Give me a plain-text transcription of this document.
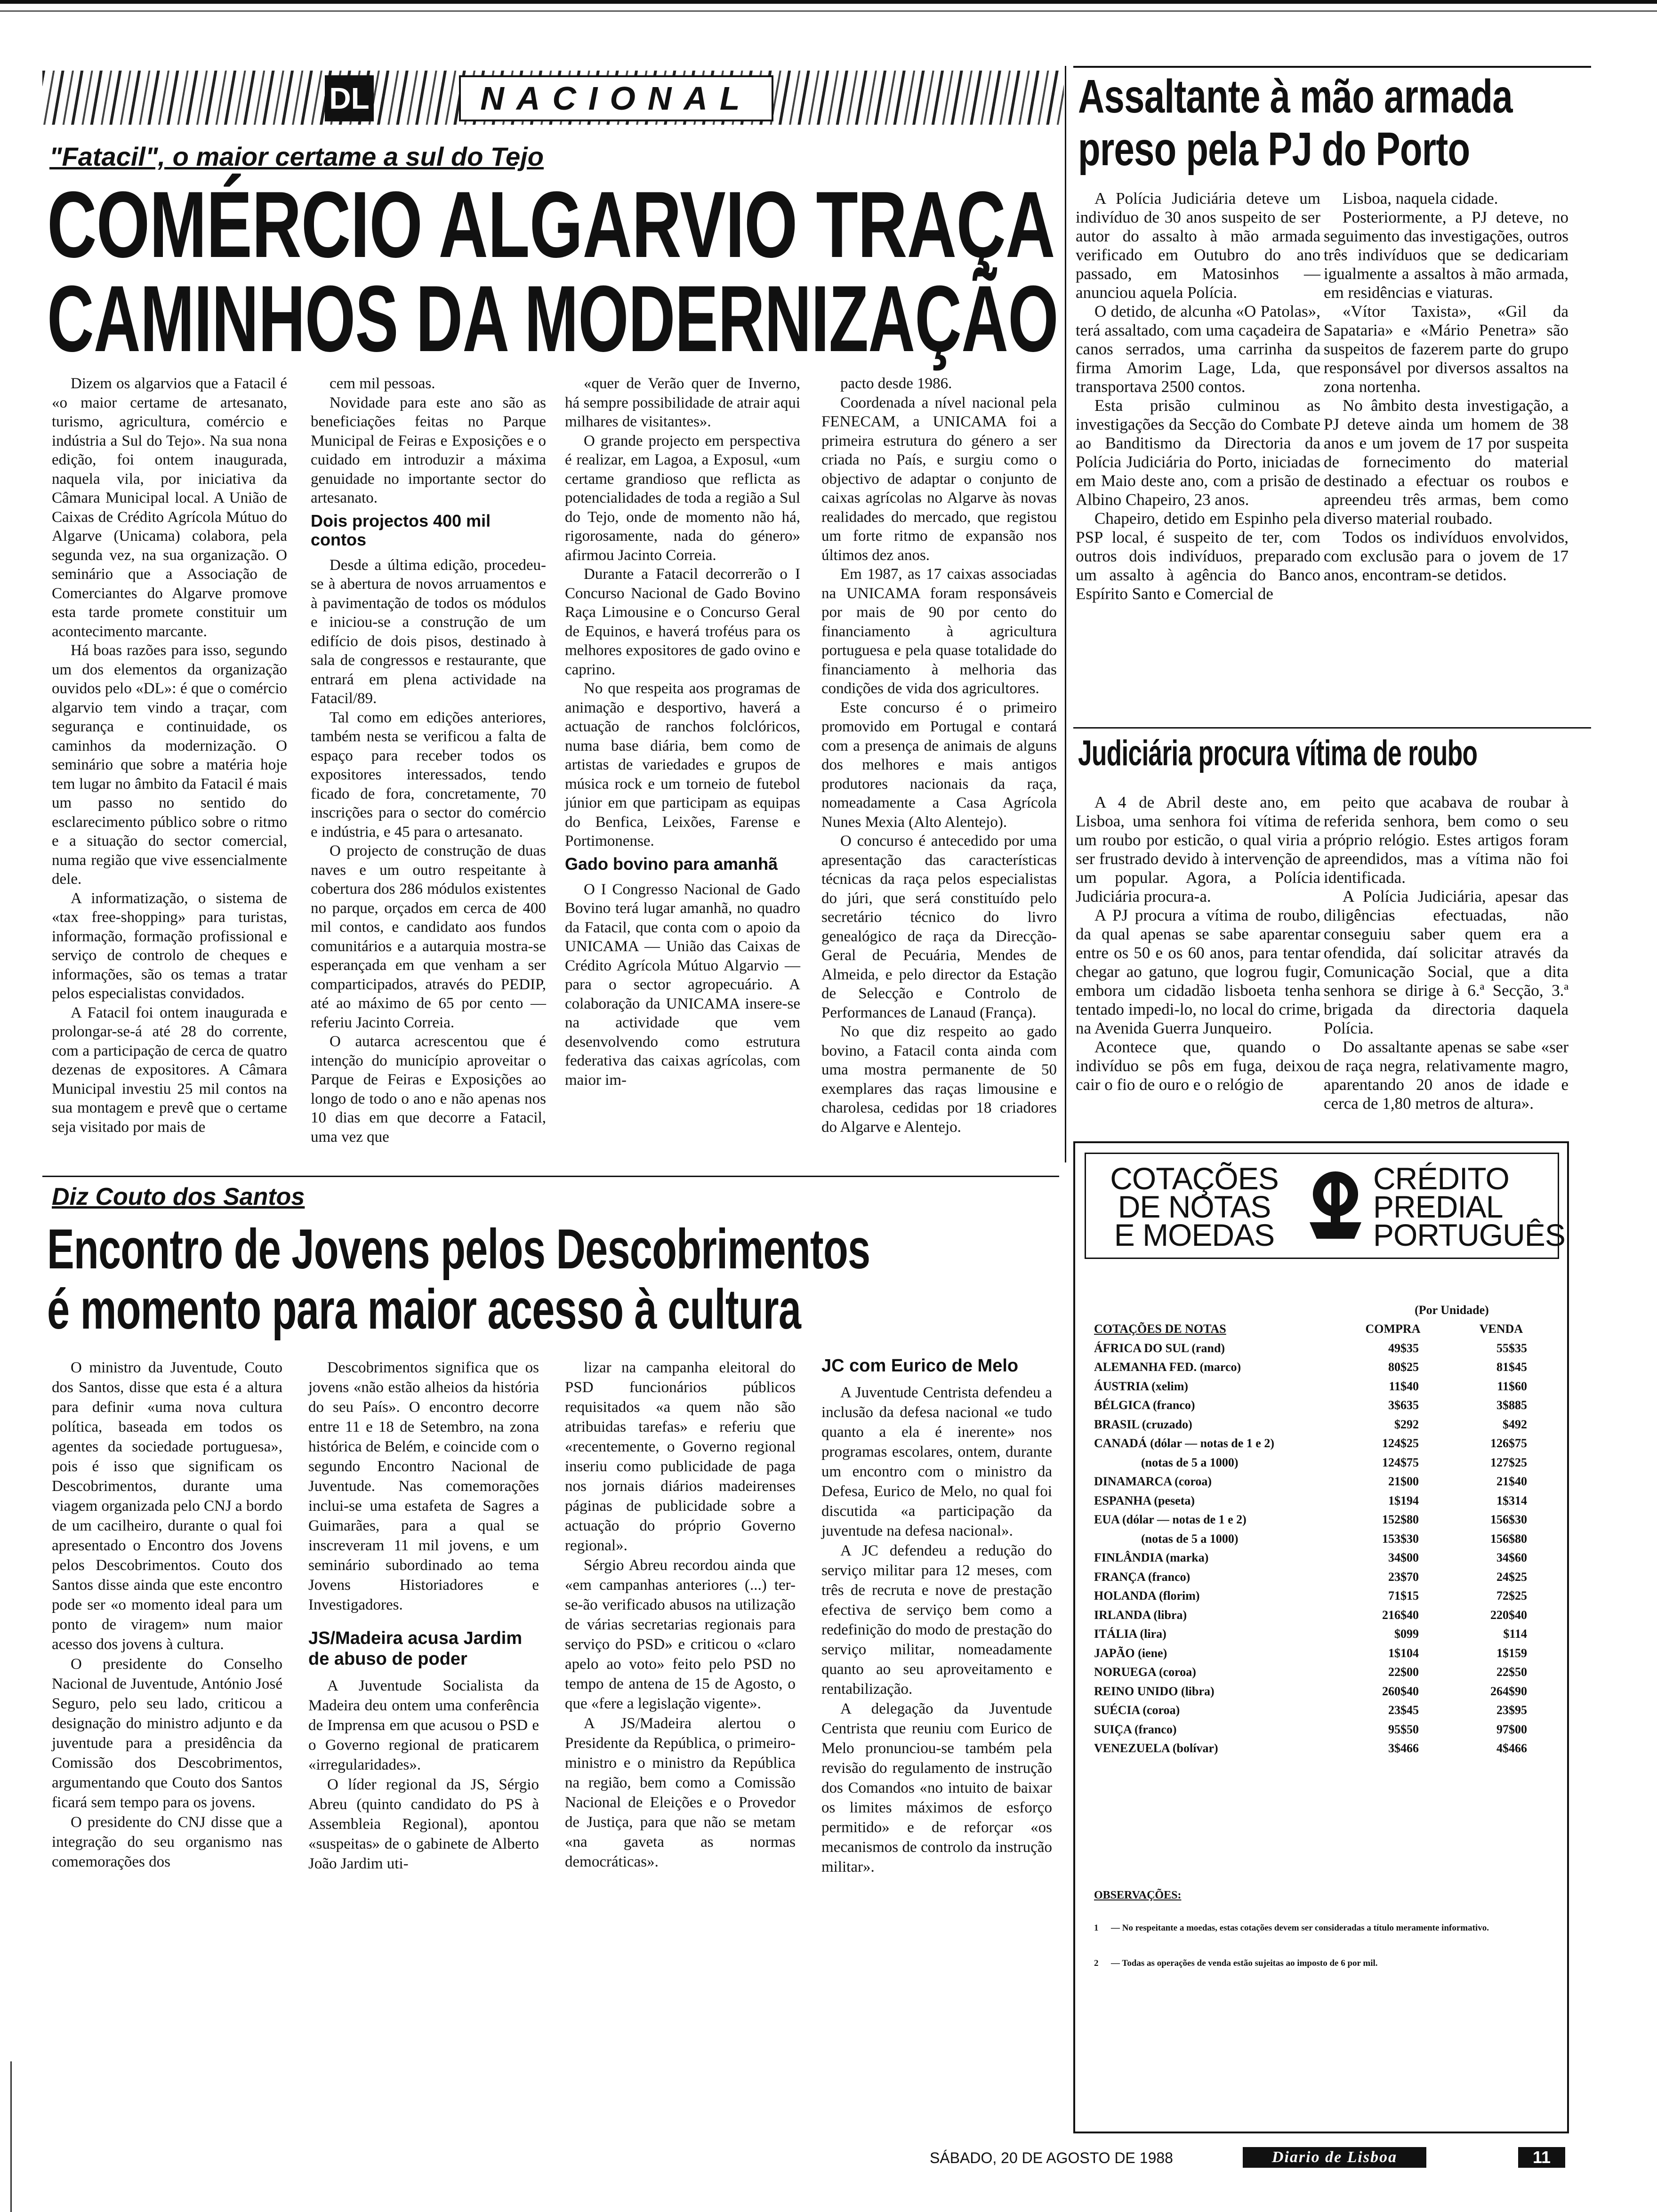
DL	NACIONAL
"Fatacil", o maior certame a sul do Tejo
COMÉRCIO ALGARVIO TRAÇA
CAMINHOS DA MODERNIZAÇÃO

Dizem os algarvios que a Fatacil é «o maior certame de artesanato, turismo, agricultura, comércio e indústria a Sul do Tejo». Na sua nona edição, foi ontem inaugurada, naquela vila, por iniciativa da Câmara Municipal local. A União de Caixas de Crédito Agrícola Mútuo do Algarve (Unicama) colabora, pela segunda vez, na sua organização. O seminário que a Associação de Comerciantes do Algarve promove esta tarde promete constituir um acontecimento marcante.

Há boas razões para isso, segundo um dos elementos da organização ouvidos pelo «DL»: é que o comércio algarvio tem vindo a traçar, com segurança e continuidade, os caminhos da modernização. O seminário que sobre a matéria hoje tem lugar no âmbito da Fatacil é mais um passo no sentido do esclarecimento público sobre o ritmo e a situação do sector comercial, numa região que vive essencialmente dele.

A informatização, o sistema de «tax free-shopping» para turistas, informação, formação profissional e serviço de controlo de cheques e informações, são os temas a tratar pelos especialistas convidados.

A Fatacil foi ontem inaugurada e prolongar-se-á até 28 do corrente, com a participação de cerca de quatro dezenas de expositores. A Câmara Municipal investiu 25 mil contos na sua montagem e prevê que o certame seja visitado por mais de

cem mil pessoas.

Novidade para este ano são as beneficiações feitas no Parque Municipal de Feiras e Exposições e o cuidado em introduzir a máxima genuidade no importante sector do artesanato.

Dois projectos 400 mil contos

Desde a última edição, procedeu-se à abertura de novos arruamentos e à pavimentação de todos os módulos e iniciou-se a construção de um edifício de dois pisos, destinado à sala de congressos e restaurante, que entrará em plena actividade na Fatacil/89.

Tal como em edições anteriores, também nesta se verificou a falta de espaço para receber todos os expositores interessados, tendo ficado de fora, concretamente, 70 inscrições para o sector do comércio e indústria, e 45 para o artesanato.

O projecto de construção de duas naves e um outro respeitante à cobertura dos 286 módulos existentes no parque, orçados em cerca de 400 mil contos, e candidato aos fundos comunitários e a autarquia mostra-se esperançada em que venham a ser comparticipados, através do PEDIP, até ao máximo de 65 por cento — referiu Jacinto Correia.

O autarca acrescentou que é intenção do município aproveitar o Parque de Feiras e Exposições ao longo de todo o ano e não apenas nos 10 dias em que decorre a Fatacil, uma vez que

«quer de Verão quer de Inverno, há sempre possibilidade de atrair aqui milhares de visitantes».

O grande projecto em perspectiva é realizar, em Lagoa, a Exposul, «um certame grandioso que reflicta as potencialidades de toda a região a Sul do Tejo, onde de momento não há, rigorosamente, nada do género» afirmou Jacinto Correia.

Durante a Fatacil decorrerão o I Concurso Nacional de Gado Bovino Raça Limousine e o Concurso Geral de Equinos, e haverá troféus para os melhores expositores de gado ovino e caprino.

No que respeita aos programas de animação e desportivo, haverá a actuação de ranchos folclóricos, numa base diária, bem como de artistas de variedades e grupos de música rock e um torneio de futebol júnior em que participam as equipas do Benfica, Leixões, Farense e Portimonense.

Gado bovino para amanhã

O I Congresso Nacional de Gado Bovino terá lugar amanhã, no quadro da Fatacil, que conta com o apoio da UNICAMA — União das Caixas de Crédito Agrícola Mútuo Algarvio — para o sector agropecuário. A colaboração da UNICAMA insere-se na actividade que vem desenvolvendo como estrutura federativa das caixas agrícolas, com maior im-

pacto desde 1986.

Coordenada a nível nacional pela FENECAM, a UNICAMA foi a primeira estrutura do género a ser criada no País, e surgiu como o objectivo de adaptar o conjunto de caixas agrícolas no Algarve às novas realidades do mercado, que registou um forte ritmo de expansão nos últimos dez anos.

Em 1987, as 17 caixas associadas na UNICAMA foram responsáveis por mais de 90 por cento do financiamento à agricultura portuguesa e pela quase totalidade do financiamento à melhoria das condições de vida dos agricultores.

Este concurso é o primeiro promovido em Portugal e contará com a presença de animais de alguns dos melhores e mais antigos produtores nacionais da raça, nomeadamente a Casa Agrícola Nunes Mexia (Alto Alentejo).

O concurso é antecedido por uma apresentação das características técnicas da raça pelos especialistas do júri, que será constituído pelo secretário técnico do livro genealógico de raça da Direcção-Geral de Pecuária, Mendes de Almeida, e pelo director da Estação de Selecção e Controlo de Performances de Lanaud (França).

No que diz respeito ao gado bovino, a Fatacil conta ainda com uma mostra permanente de 50 exemplares das raças limousine e charolesa, cedidas por 18 criadores do Algarve e Alentejo.

Assaltante à mão armada
preso pela PJ do Porto

A Polícia Judiciária deteve um indivíduo de 30 anos suspeito de ser autor do assalto à mão armada verificado em Outubro do ano passado, em Matosinhos — anunciou aquela Polícia.

O detido, de alcunha «O Patolas», terá assaltado, com uma caçadeira de canos serrados, uma carrinha da firma Amorim Lage, Lda, que transportava 2500 contos.

Esta prisão culminou as investigações da Secção do Combate ao Banditismo da Directoria da Polícia Judiciária do Porto, iniciadas em Maio deste ano, com a prisão de Albino Chapeiro, 23 anos.

Chapeiro, detido em Espinho pela PSP local, é suspeito de ter, com outros dois indivíduos, preparado um assalto à agência do Banco Espírito Santo e Comercial de

Lisboa, naquela cidade.

Posteriormente, a PJ deteve, no seguimento das investigações, outros três indivíduos que se dedicariam igualmente a assaltos à mão armada, em residências e viaturas.

«Vítor Taxista», «Gil da Sapataria» e «Mário Penetra» são suspeitos de fazerem parte do grupo responsável por diversos assaltos na zona nortenha.

No âmbito desta investigação, a PJ deteve ainda um homem de 38 anos e um jovem de 17 por suspeita de fornecimento do material destinado a efectuar os roubos e apreendeu três armas, bem como diverso material roubado.

Todos os indivíduos envolvidos, com exclusão para o jovem de 17 anos, encontram-se detidos.

Judiciária procura vítima de roubo

A 4 de Abril deste ano, em Lisboa, uma senhora foi vítima de um roubo por esticão, o qual viria a ser frustrado devido à intervenção de um popular. Agora, a Polícia Judiciária procura-a.

A PJ procura a vítima de roubo, da qual apenas se sabe aparentar entre os 50 e os 60 anos, para tentar chegar ao gatuno, que logrou fugir, embora um cidadão lisboeta tenha tentado impedi-lo, no local do crime, na Avenida Guerra Junqueiro.

Acontece que, quando o indivíduo se pôs em fuga, deixou cair o fio de ouro e o relógio de

peito que acabava de roubar à referida senhora, bem como o seu próprio relógio. Estes artigos foram apreendidos, mas a vítima não foi identificada.

A Polícia Judiciária, apesar das diligências efectuadas, não conseguiu saber quem era a ofendida, daí solicitar através da Comunicação Social, que a dita senhora se dirige à 6.ª Secção, 3.ª brigada da directoria daquela Polícia.

Do assaltante apenas se sabe «ser de raça negra, relativamente magro, aparentando 20 anos de idade e cerca de 1,80 metros de altura».

COTAÇÕES
DE NOTAS
E MOEDAS
CRÉDITO
PREDIAL
PORTUGUÊS
(Por Unidade)
COTAÇÕES DE NOTAS	COMPRA	VENDA
ÁFRICA DO SUL (rand)	49$35	55$35
ALEMANHA FED. (marco)	80$25	81$45
ÁUSTRIA (xelim)	11$40	11$60
BÉLGICA (franco)	3$635	3$885
BRASIL (cruzado)	$292	$492
CANADÁ (dólar — notas de 1 e 2)	124$25	126$75
(notas de 5 a 1000)	124$75	127$25
DINAMARCA (coroa)	21$00	21$40
ESPANHA (peseta)	1$194	1$314
EUA (dólar — notas de 1 e 2)	152$80	156$30
(notas de 5 a 1000)	153$30	156$80
FINLÂNDIA (marka)	34$00	34$60
FRANÇA (franco)	23$70	24$25
HOLANDA (florim)	71$15	72$25
IRLANDA (libra)	216$40	220$40
ITÁLIA (lira)	$099	$114
JAPÃO (iene)	1$104	1$159
NORUEGA (coroa)	22$00	22$50
REINO UNIDO (libra)	260$40	264$90
SUÉCIA (coroa)	23$45	23$95
SUIÇA (franco)	95$50	97$00
VENEZUELA (bolívar)	3$466	4$466
OBSERVAÇÕES:
1 — No respeitante a moedas, estas cotações devem ser consideradas a título meramente informativo.
2 — Todas as operações de venda estão sujeitas ao imposto de 6 por mil.
Diz Couto dos Santos
Encontro de Jovens pelos Descobrimentos
é momento para maior acesso à cultura

O ministro da Juventude, Couto dos Santos, disse que esta é a altura para definir «uma nova cultura política, baseada em todos os agentes da sociedade portuguesa», pois é isso que significam os Descobrimentos, durante uma viagem organizada pelo CNJ a bordo de um cacilheiro, durante o qual foi apresentado o Encontro dos Jovens pelos Descobrimentos. Couto dos Santos disse ainda que este encontro pode ser «o momento ideal para um ponto de viragem» num maior acesso dos jovens à cultura.

O presidente do Conselho Nacional de Juventude, António José Seguro, pelo seu lado, criticou a designação do ministro adjunto e da juventude para a presidência da Comissão dos Descobrimentos, argumentando que Couto dos Santos ficará sem tempo para os jovens.

O presidente do CNJ disse que a integração do seu organismo nas comemorações dos

Descobrimentos significa que os jovens «não estão alheios da história do seu País». O encontro decorre entre 11 e 18 de Setembro, na zona histórica de Belém, e coincide com o segundo Encontro Nacional de Juventude. Nas comemorações inclui-se uma estafeta de Sagres a Guimarães, para a qual se inscreveram 11 mil jovens, e um seminário subordinado ao tema Jovens Historiadores e Investigadores.

JS/Madeira acusa Jardim de abuso de poder

A Juventude Socialista da Madeira deu ontem uma conferência de Imprensa em que acusou o PSD e o Governo regional de praticarem «irregularidades».

O líder regional da JS, Sérgio Abreu (quinto candidato do PS à Assembleia Regional), apontou «suspeitas» de o gabinete de Alberto João Jardim uti-

lizar na campanha eleitoral do PSD funcionários públicos requisitados «a quem não são atribuidas tarefas» e referiu que «recentemente, o Governo regional inseriu como publicidade de paga nos jornais diários madeirenses páginas de publicidade sobre a actuação do próprio Governo regional».

Sérgio Abreu recordou ainda que «em campanhas anteriores (...) ter-se-ão verificado abusos na utilização de várias secretarias regionais para serviço do PSD» e criticou o «claro apelo ao voto» feito pelo PSD no tempo de antena de 15 de Agosto, o que «fere a legislação vigente».

A JS/Madeira alertou o Presidente da República, o primeiro-ministro e o ministro da República na região, bem como a Comissão Nacional de Eleições e o Provedor de Justiça, para que não se metam «na gaveta as normas democráticas».

JC com Eurico de Melo

A Juventude Centrista defendeu a inclusão da defesa nacional «e tudo quanto a ela é inerente» nos programas escolares, ontem, durante um encontro com o ministro da Defesa, Eurico de Melo, no qual foi discutida «a participação da juventude na defesa nacional».

A JC defendeu a redução do serviço militar para 12 meses, com três de recruta e nove de prestação efectiva de serviço bem como a redefinição do modo de prestação do serviço militar, nomeadamente quanto ao seu aproveitamento e rentabilização.

A delegação da Juventude Centrista que reuniu com Eurico de Melo pronunciou-se também pela revisão do regulamento de instrução dos Comandos «no intuito de baixar os limites máximos de esforço permitido» e de reforçar «os mecanismos de controlo da instrução militar».

SÁBADO, 20 DE AGOSTO DE 1988	Diario de Lisboa	11
